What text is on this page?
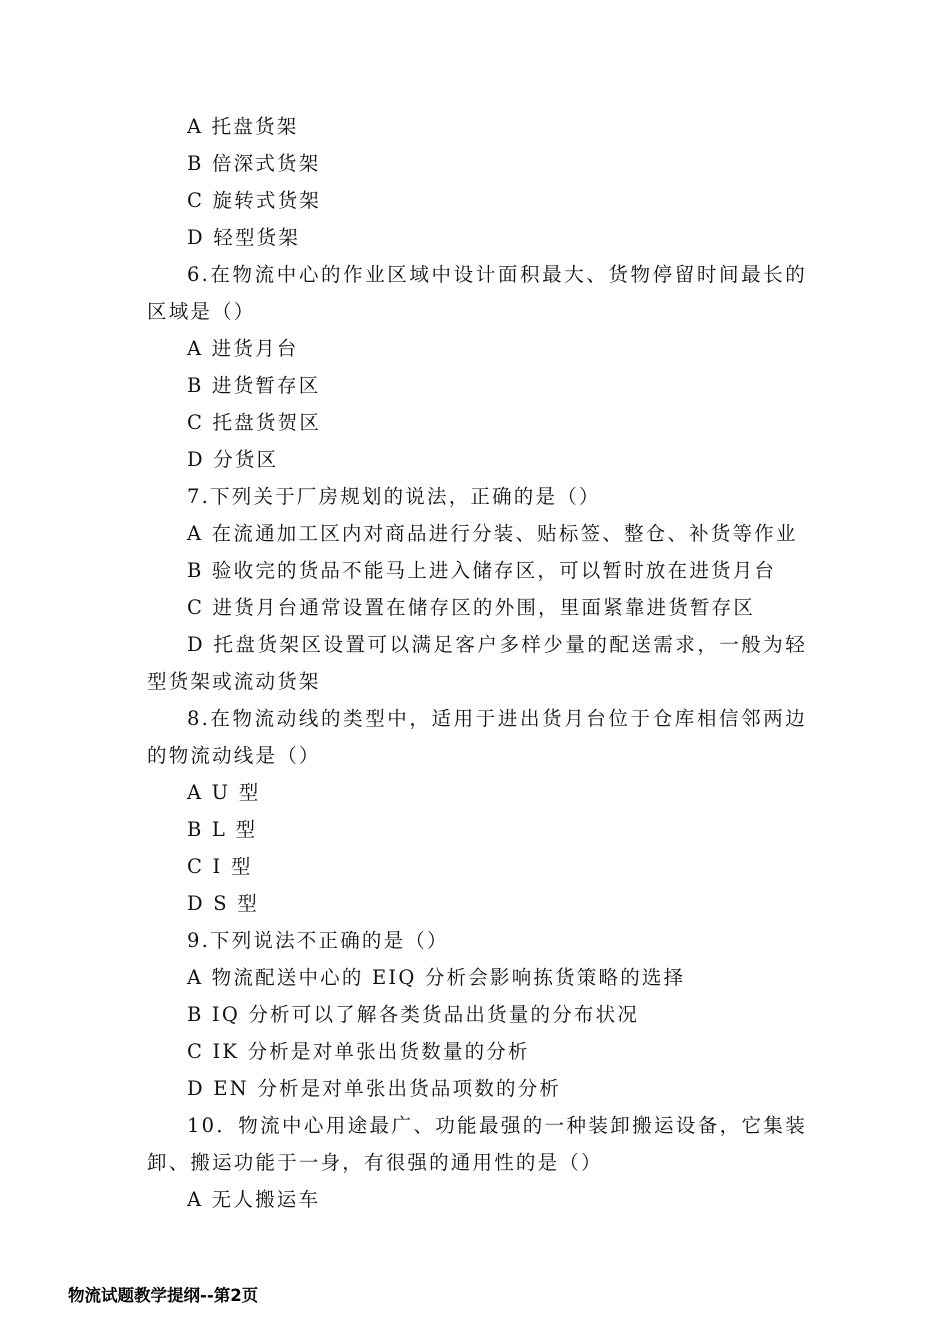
A 托盘货架

B 倍深式货架

C 旋转式货架

D 轻型货架

6.在物流中心的作业区域中设计面积最大、货物停留时间最长的

区域是（）

A 进货月台

B 进货暂存区

C 托盘货贺区

D 分货区

7.下列关于厂房规划的说法，正确的是（）

A 在流通加工区内对商品进行分装、贴标签、整仓、补货等作业

B 验收完的货品不能马上进入储存区，可以暂时放在进货月台

C 进货月台通常设置在储存区的外围，里面紧靠进货暂存区

D 托盘货架区设置可以满足客户多样少量的配送需求，一般为轻

型货架或流动货架

8.在物流动线的类型中，适用于进出货月台位于仓库相信邻两边

的物流动线是（）

A U 型

B L 型

C I 型

D S 型

9.下列说法不正确的是（）

A 物流配送中心的 EIQ 分析会影响拣货策略的选择

B IQ 分析可以了解各类货品出货量的分布状况

C IK 分析是对单张出货数量的分析

D EN 分析是对单张出货品项数的分析

10．物流中心用途最广、功能最强的一种装卸搬运设备，它集装

卸、搬运功能于一身，有很强的通用性的是（）

A 无人搬运车

物流试题教学提纲--第2页
